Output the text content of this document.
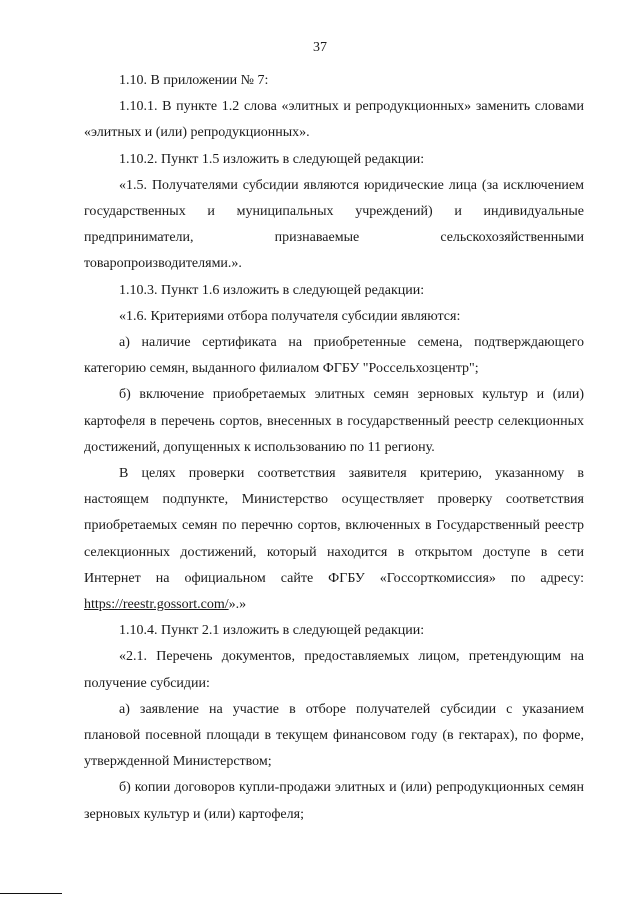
37

1.10. В приложении № 7:

1.10.1. В пункте 1.2 слова «элитных и репродукционных» заменить словами «элитных и (или) репродукционных».

1.10.2. Пункт 1.5 изложить в следующей редакции:

«1.5. Получателями субсидии являются юридические лица (за исключением государственных и муниципальных учреждений) и индивидуальные предприниматели, признаваемые сельскохозяйственными товаропроизводителями.».

1.10.3. Пункт 1.6 изложить в следующей редакции:

«1.6. Критериями отбора получателя субсидии являются:

а) наличие сертификата на приобретенные семена, подтверждающего категорию семян, выданного филиалом ФГБУ "Россельхозцентр";

б) включение приобретаемых элитных семян зерновых культур и (или) картофеля в перечень сортов, внесенных в государственный реестр селекционных достижений, допущенных к использованию по 11 региону.

В целях проверки соответствия заявителя критерию, указанному в настоящем подпункте, Министерство осуществляет проверку соответствия приобретаемых семян по перечню сортов, включенных в Государственный реестр селекционных достижений, который находится в открытом доступе в сети Интернет на официальном сайте ФГБУ «Госсорткомиссия» по адресу: https://reestr.gossort.com/».»

1.10.4. Пункт 2.1 изложить в следующей редакции:

«2.1. Перечень документов, предоставляемых лицом, претендующим на получение субсидии:

а) заявление на участие в отборе получателей субсидии с указанием плановой посевной площади в текущем финансовом году (в гектарах), по форме, утвержденной Министерством;

б) копии договоров купли-продажи элитных и (или) репродукционных семян зерновых культур и (или) картофеля;
